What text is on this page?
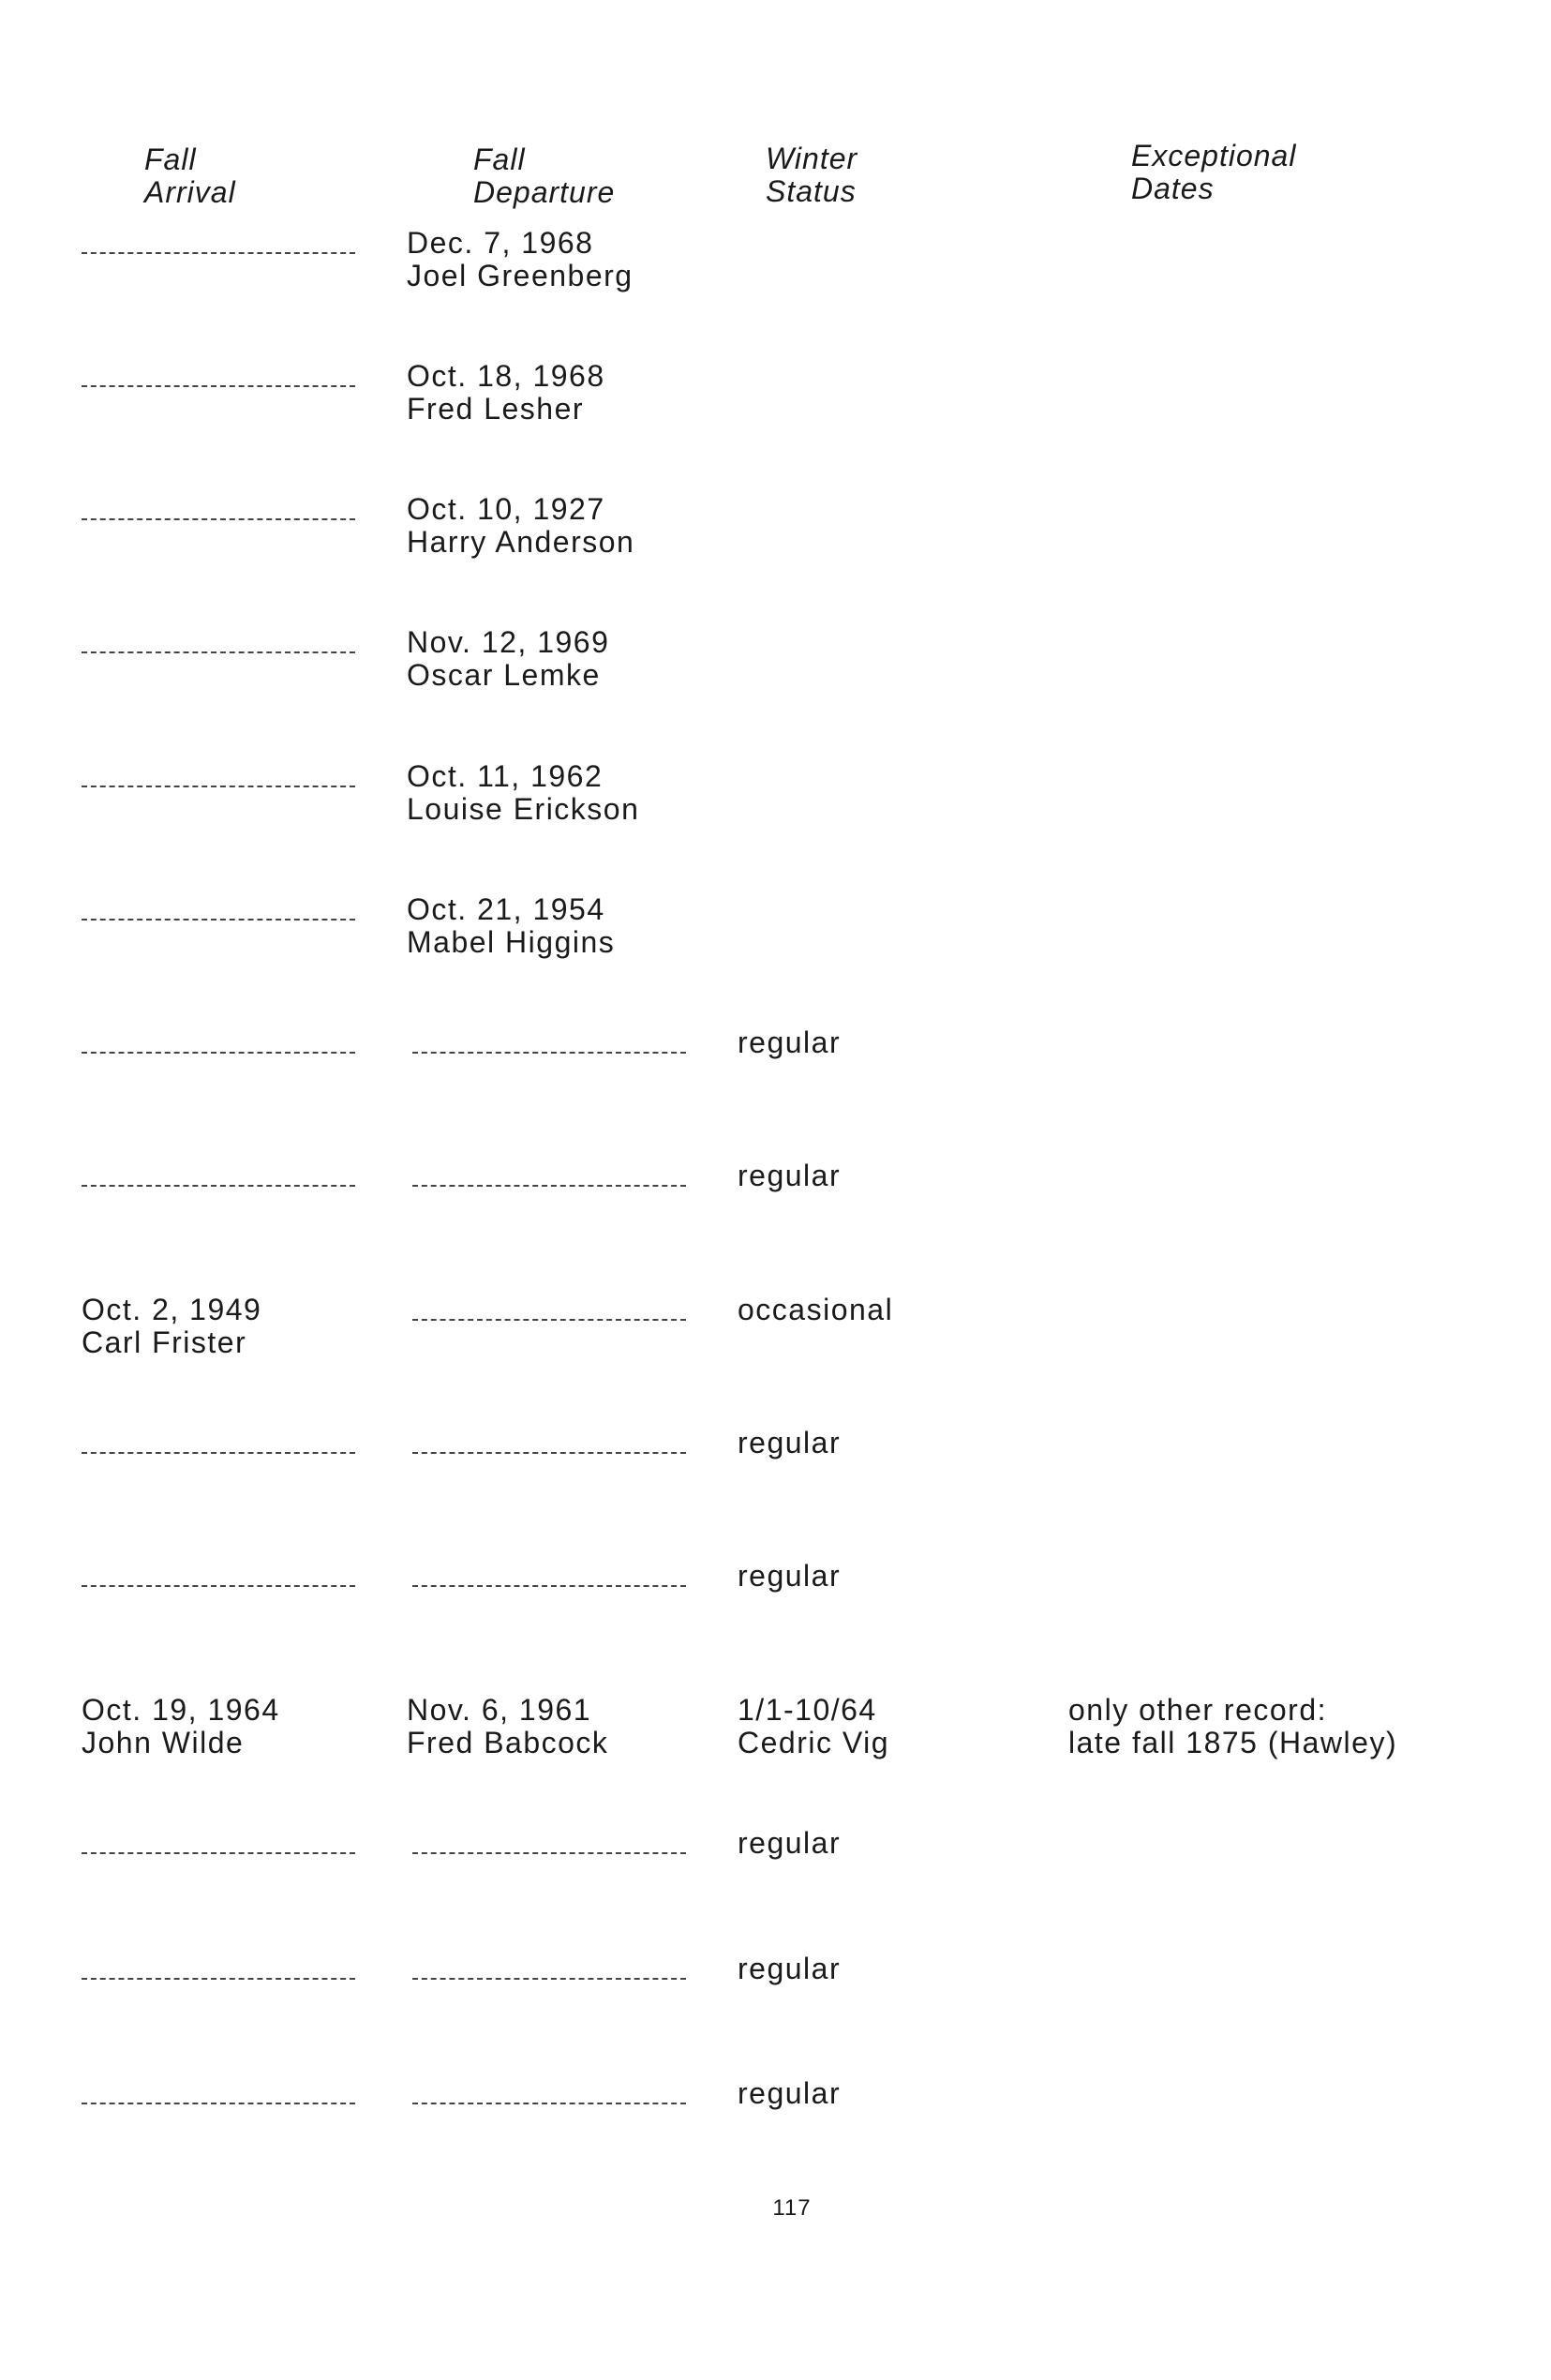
Fall
Arrival
Fall
Departure
Winter
Status
Exceptional
Dates
Dec. 7, 1968
Joel Greenberg
Oct. 18, 1968
Fred Lesher
Oct. 10, 1927
Harry Anderson
Nov. 12, 1969
Oscar Lemke
Oct. 11, 1962
Louise Erickson
Oct. 21, 1954
Mabel Higgins
regular
regular
Oct. 2, 1949
Carl Frister
occasional
regular
regular
Oct. 19, 1964
John Wilde
Nov. 6, 1961
Fred Babcock
1/1-10/64
Cedric Vig
only other record:
late fall 1875 (Hawley)
regular
regular
regular
117
